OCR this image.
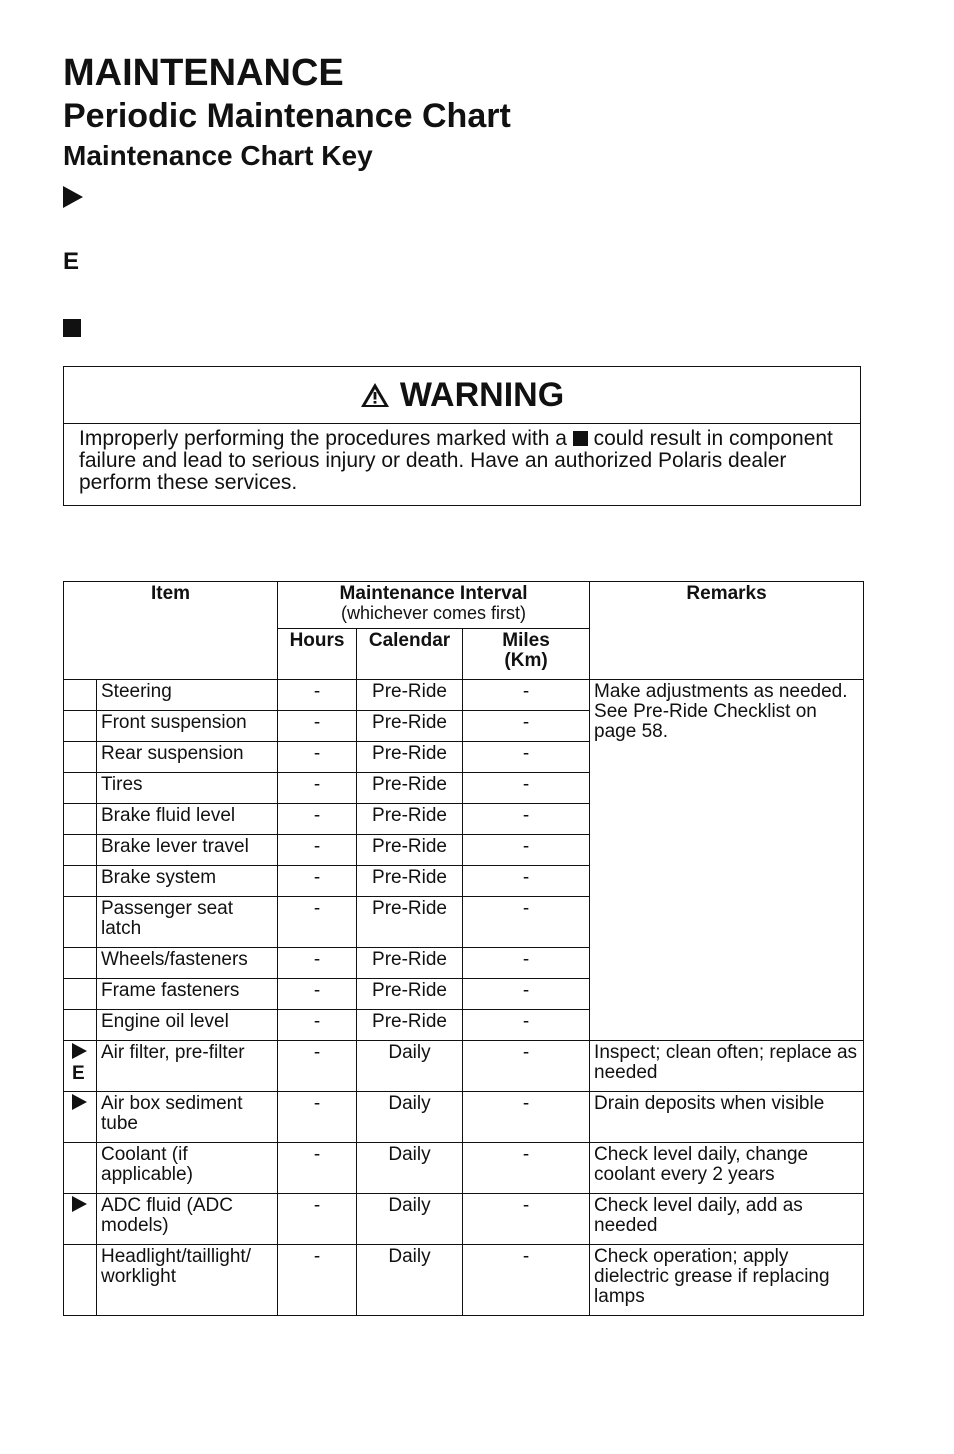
MAINTENANCE
Periodic Maintenance Chart
Maintenance Chart Key
E
WARNING
Improperly performing the procedures marked with a could result in component failure and lead to serious injury or death. Have an authorized Polaris dealer perform these services.
Item		Maintenance Interval
(whichever comes first)			Remarks
		Hours	Calendar	Miles (Km)	
	Steering	-	Pre-Ride	-	Make adjustments as needed. See Pre-Ride Checklist on page 58.
	Front suspension	-	Pre-Ride	-	
	Rear suspension	-	Pre-Ride	-	
	Tires	-	Pre-Ride	-	
	Brake fluid level	-	Pre-Ride	-	
	Brake lever travel	-	Pre-Ride	-	
	Brake system	-	Pre-Ride	-	
	Passenger seat latch	-	Pre-Ride	-	
	Wheels/fasteners	-	Pre-Ride	-	
	Frame fasteners	-	Pre-Ride	-	
	Engine oil level	-	Pre-Ride	-	

E	Air filter, pre-filter	-	Daily	-	Inspect; clean often; replace as needed
	Air box sediment tube	-	Daily	-	Drain deposits when visible
	Coolant (if applicable)	-	Daily	-	Check level daily, change coolant every 2 years
	ADC fluid (ADC models)	-	Daily	-	Check level daily, add as needed
	Headlight/taillight/ worklight	-	Daily	-	Check operation; apply dielectric grease if replacing lamps
